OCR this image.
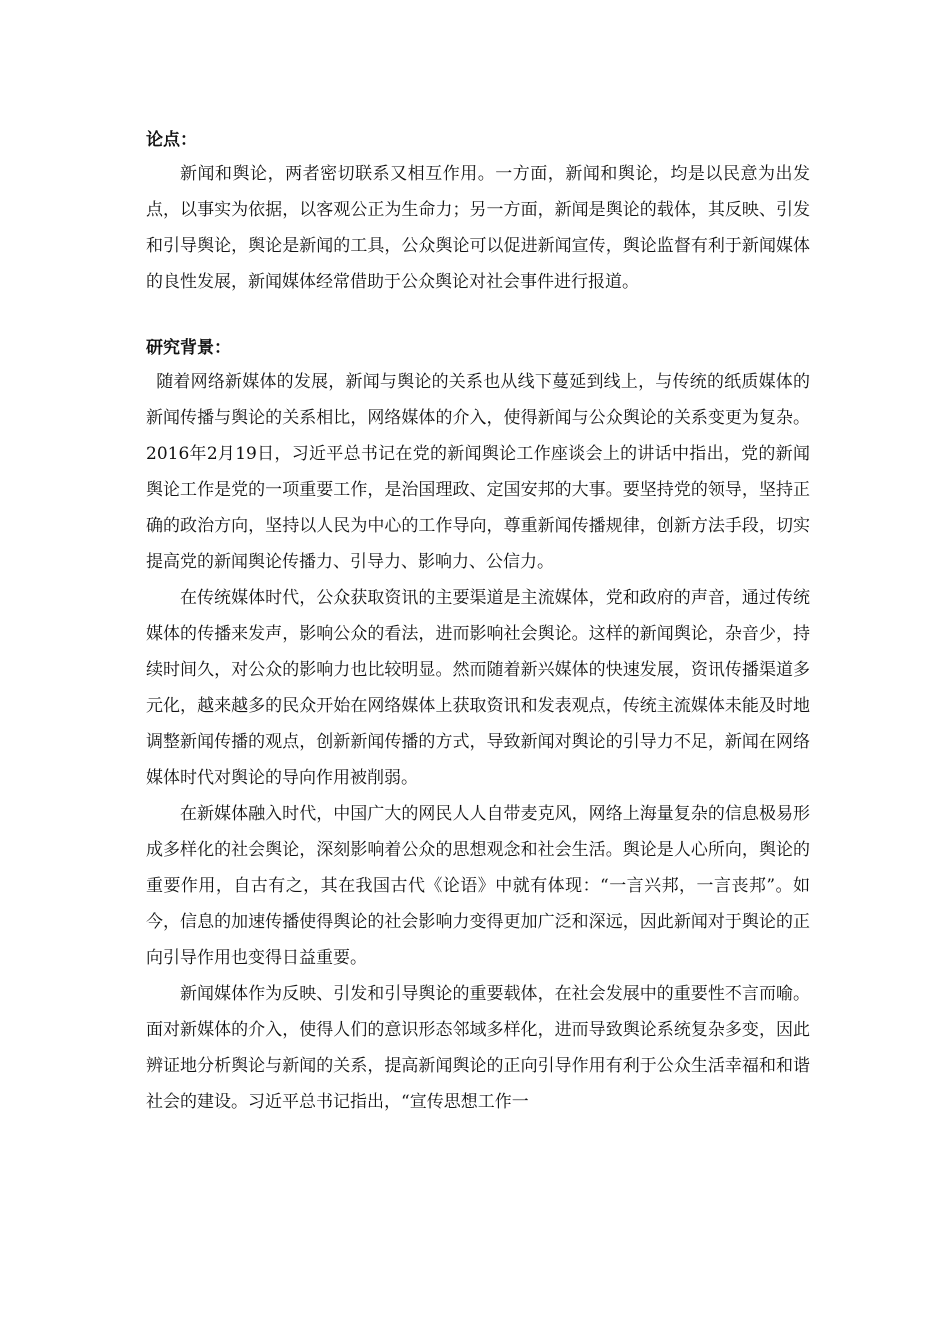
论点：

新闻和舆论，两者密切联系又相互作用。一方面，新闻和舆论，均是以民意为出发点，以事实为依据，以客观公正为生命力；另一方面，新闻是舆论的载体，其反映、引发和引导舆论，舆论是新闻的工具，公众舆论可以促进新闻宣传，舆论监督有利于新闻媒体的良性发展，新闻媒体经常借助于公众舆论对社会事件进行报道。

研究背景：

随着网络新媒体的发展，新闻与舆论的关系也从线下蔓延到线上，与传统的纸质媒体的新闻传播与舆论的关系相比，网络媒体的介入，使得新闻与公众舆论的关系变更为复杂。2016年2月19日，习近平总书记在党的新闻舆论工作座谈会上的讲话中指出，党的新闻舆论工作是党的一项重要工作，是治国理政、定国安邦的大事。要坚持党的领导，坚持正确的政治方向，坚持以人民为中心的工作导向，尊重新闻传播规律，创新方法手段，切实提高党的新闻舆论传播力、引导力、影响力、公信力。

在传统媒体时代，公众获取资讯的主要渠道是主流媒体，党和政府的声音，通过传统媒体的传播来发声，影响公众的看法，进而影响社会舆论。这样的新闻舆论，杂音少，持续时间久，对公众的影响力也比较明显。然而随着新兴媒体的快速发展，资讯传播渠道多元化，越来越多的民众开始在网络媒体上获取资讯和发表观点，传统主流媒体未能及时地调整新闻传播的观点，创新新闻传播的方式，导致新闻对舆论的引导力不足，新闻在网络媒体时代对舆论的导向作用被削弱。

在新媒体融入时代，中国广大的网民人人自带麦克风，网络上海量复杂的信息极易形成多样化的社会舆论，深刻影响着公众的思想观念和社会生活。舆论是人心所向，舆论的重要作用，自古有之，其在我国古代《论语》中就有体现：“一言兴邦，一言丧邦”。如今，信息的加速传播使得舆论的社会影响力变得更加广泛和深远，因此新闻对于舆论的正向引导作用也变得日益重要。

新闻媒体作为反映、引发和引导舆论的重要载体，在社会发展中的重要性不言而喻。面对新媒体的介入，使得人们的意识形态邻域多样化，进而导致舆论系统复杂多变，因此辨证地分析舆论与新闻的关系，提高新闻舆论的正向引导作用有利于公众生活幸福和和谐社会的建设。习近平总书记指出，“宣传思想工作一
